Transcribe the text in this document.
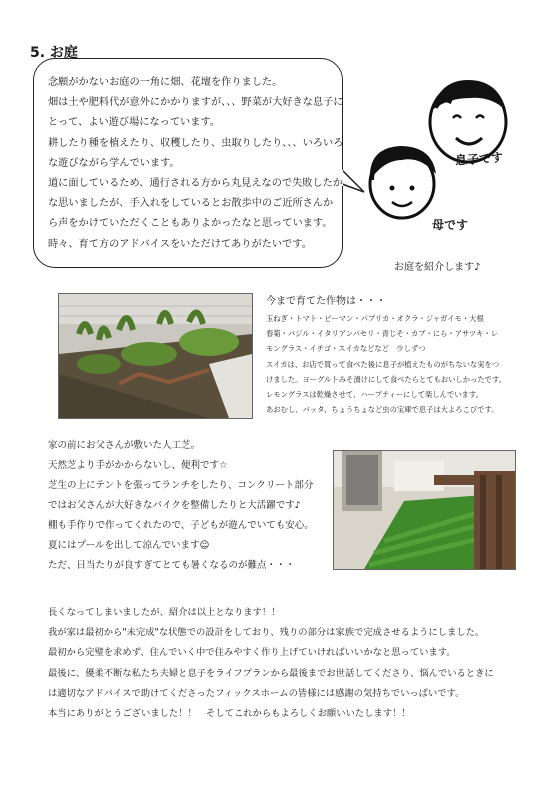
5. お庭
念願がかないお庭の一角に畑、花壇を作りました。
畑は土や肥料代が意外にかかりますが、、、野菜が大好きな息子に
とって、よい遊び場になっています。
耕したり種を植えたり、収穫したり、虫取りしたり、、、いろいろ
な遊びながら学んでいます。
道に面しているため、通行される方から丸見えなので失敗したか
な思いましたが、手入れをしているとお散歩中のご近所さんか
ら声をかけていただくこともありよかったなと思っています。
時々、育て方のアドバイスをいただけてありがたいです。
息子です
母です
お庭を紹介します♪
今まで育てた作物は・・・
玉ねぎ・トマト・ピーマン・パプリカ・オクラ・ジャガイモ・大根
春菊・バジル・イタリアンパセリ・青じそ・カブ・にら・アサツキ・レ
モングラス・イチゴ・スイカなどなど　少しずつ
スイカは、お店で買って食べた後に息子が植えたものがちないな実をつ
けました。ヨーグルトみそ漬けにして食べたらとてもおいしかったです。
レモングラスは乾燥させて、ハーブティーにして楽しんでいます。
あおむし、バッタ、ちょうちょなど虫の宝庫で息子は大よろこびです。
家の前にお父さんが敷いた人工芝。
天然芝より手がかからないし、便利です☆
芝生の上にテントを張ってランチをしたり、コンクリート部分
ではお父さんが大好きなバイクを整備したりと大活躍です♪
棚も手作りで作ってくれたので、子どもが遊んでいても安心。
夏にはプールを出して涼んでいます☺
ただ、日当たりが良すぎてとても暑くなるのが難点・・・
長くなってしまいましたが、紹介は以上となります！！
我が家は最初から"未完成"な状態での設計をしており、残りの部分は家族で完成させるようにしました。
最初から完璧を求めず、住んでいく中で住みやすく作り上げていければいいかなと思っています。
最後に、優柔不断な私たち夫婦と息子をライフプランから最後までお世話してくださり、悩んでいるときに
は適切なアドバイスで助けてくださったフィックスホームの皆様には感謝の気持ちでいっぱいです。
本当にありがとうございました！！　そしてこれからもよろしくお願いいたします！！
